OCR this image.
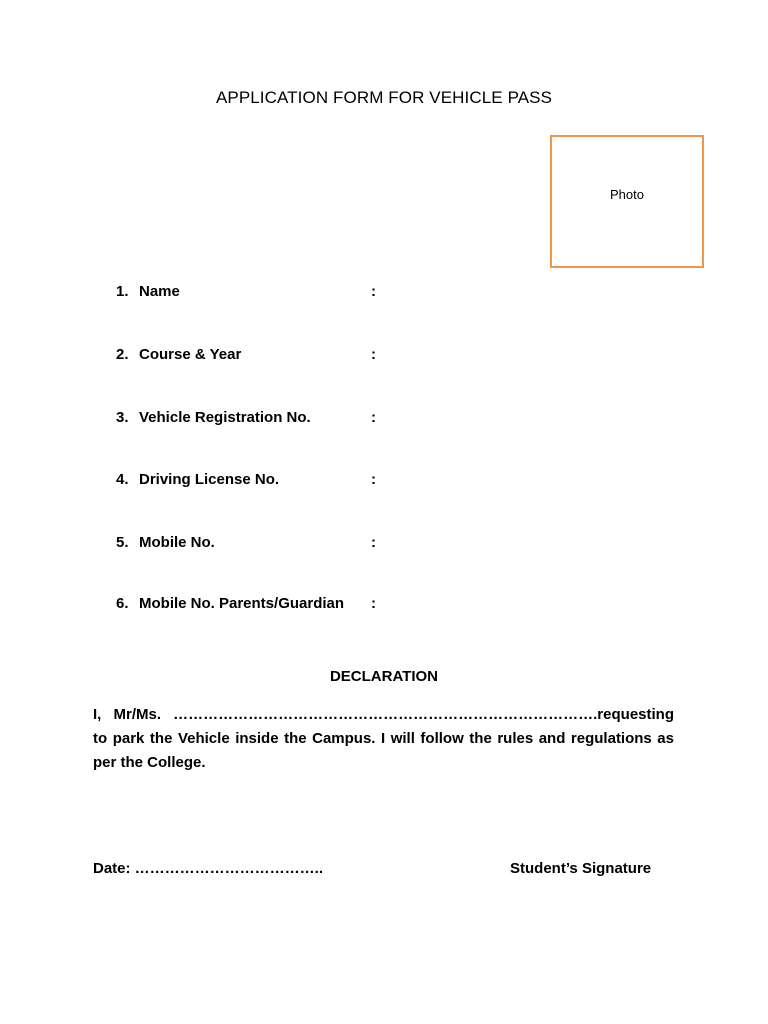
APPLICATION FORM FOR VEHICLE PASS
Photo
1. Name	:
2. Course & Year	:
3. Vehicle Registration No.	:
4. Driving License No.	:
5. Mobile No.	:
6. Mobile No. Parents/Guardian :
DECLARATION
I, Mr/Ms. ………………………………………………………………………….requesting to park the Vehicle inside the Campus. I will follow the rules and regulations as per the College.
Date: ………………………………..	Student’s Signature
